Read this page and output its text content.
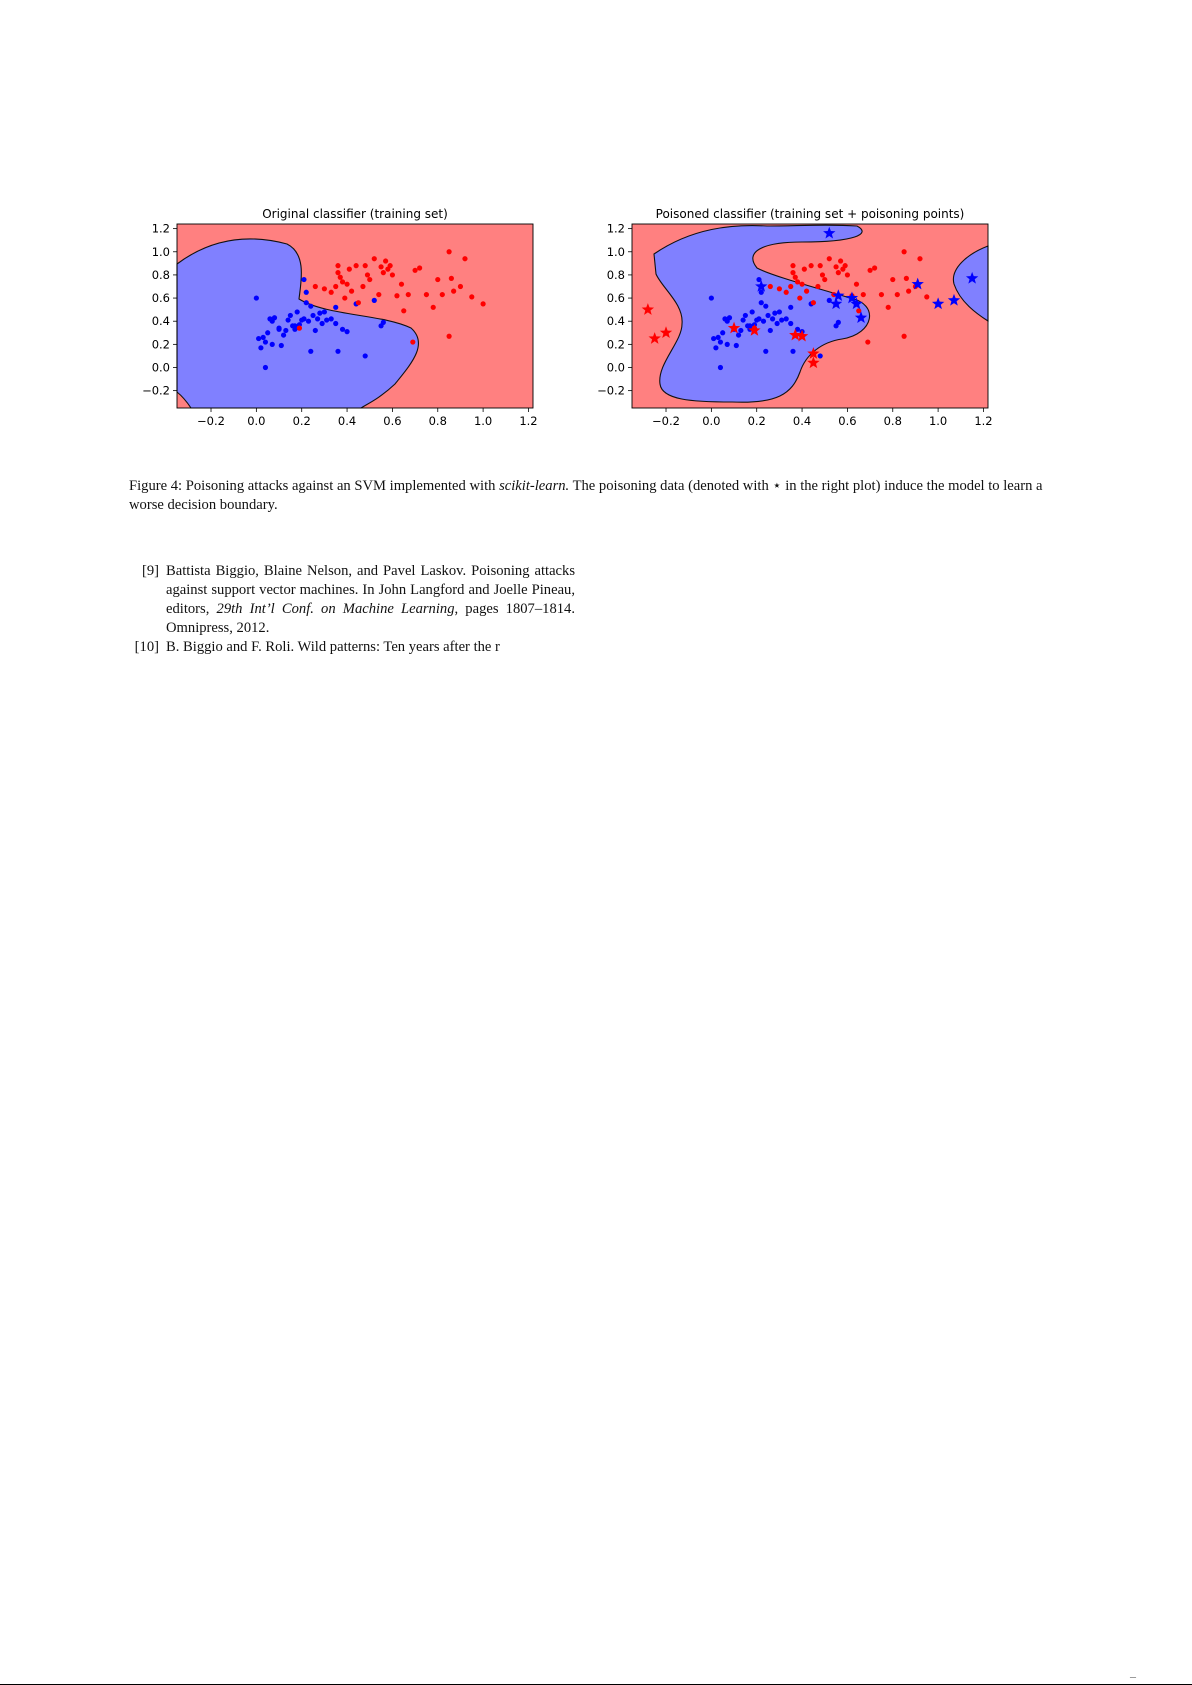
Original classifier (training set)
−0.2 0.0 0.2 0.4 0.6 0.8 1.0 1.2
1.2
1.0
0.8
0.6
0.4
0.2
0.0
−0.2
Poisoned classifier (training set + poisoning points)
−0.2 0.0 0.2 0.4 0.6 0.8 1.0 1.2
1.2
1.0
0.8
0.6
0.4
0.2
0.0
−0.2
Figure 4: Poisoning attacks against an SVM implemented with scikit-learn. The poisoning data (denoted with ⋆ in the right plot) induce the model to learn a worse decision boundary.
[9] Battista Biggio, Blaine Nelson, and Pavel Laskov. Poisoning attacks against support vector machines. In John Langford and Joelle Pineau, editors, 29th Int’l Conf. on Machine Learning, pages 1807–1814. Omnipress, 2012.
[10] B. Biggio and F. Roli. Wild patterns: Ten years after the r
–
